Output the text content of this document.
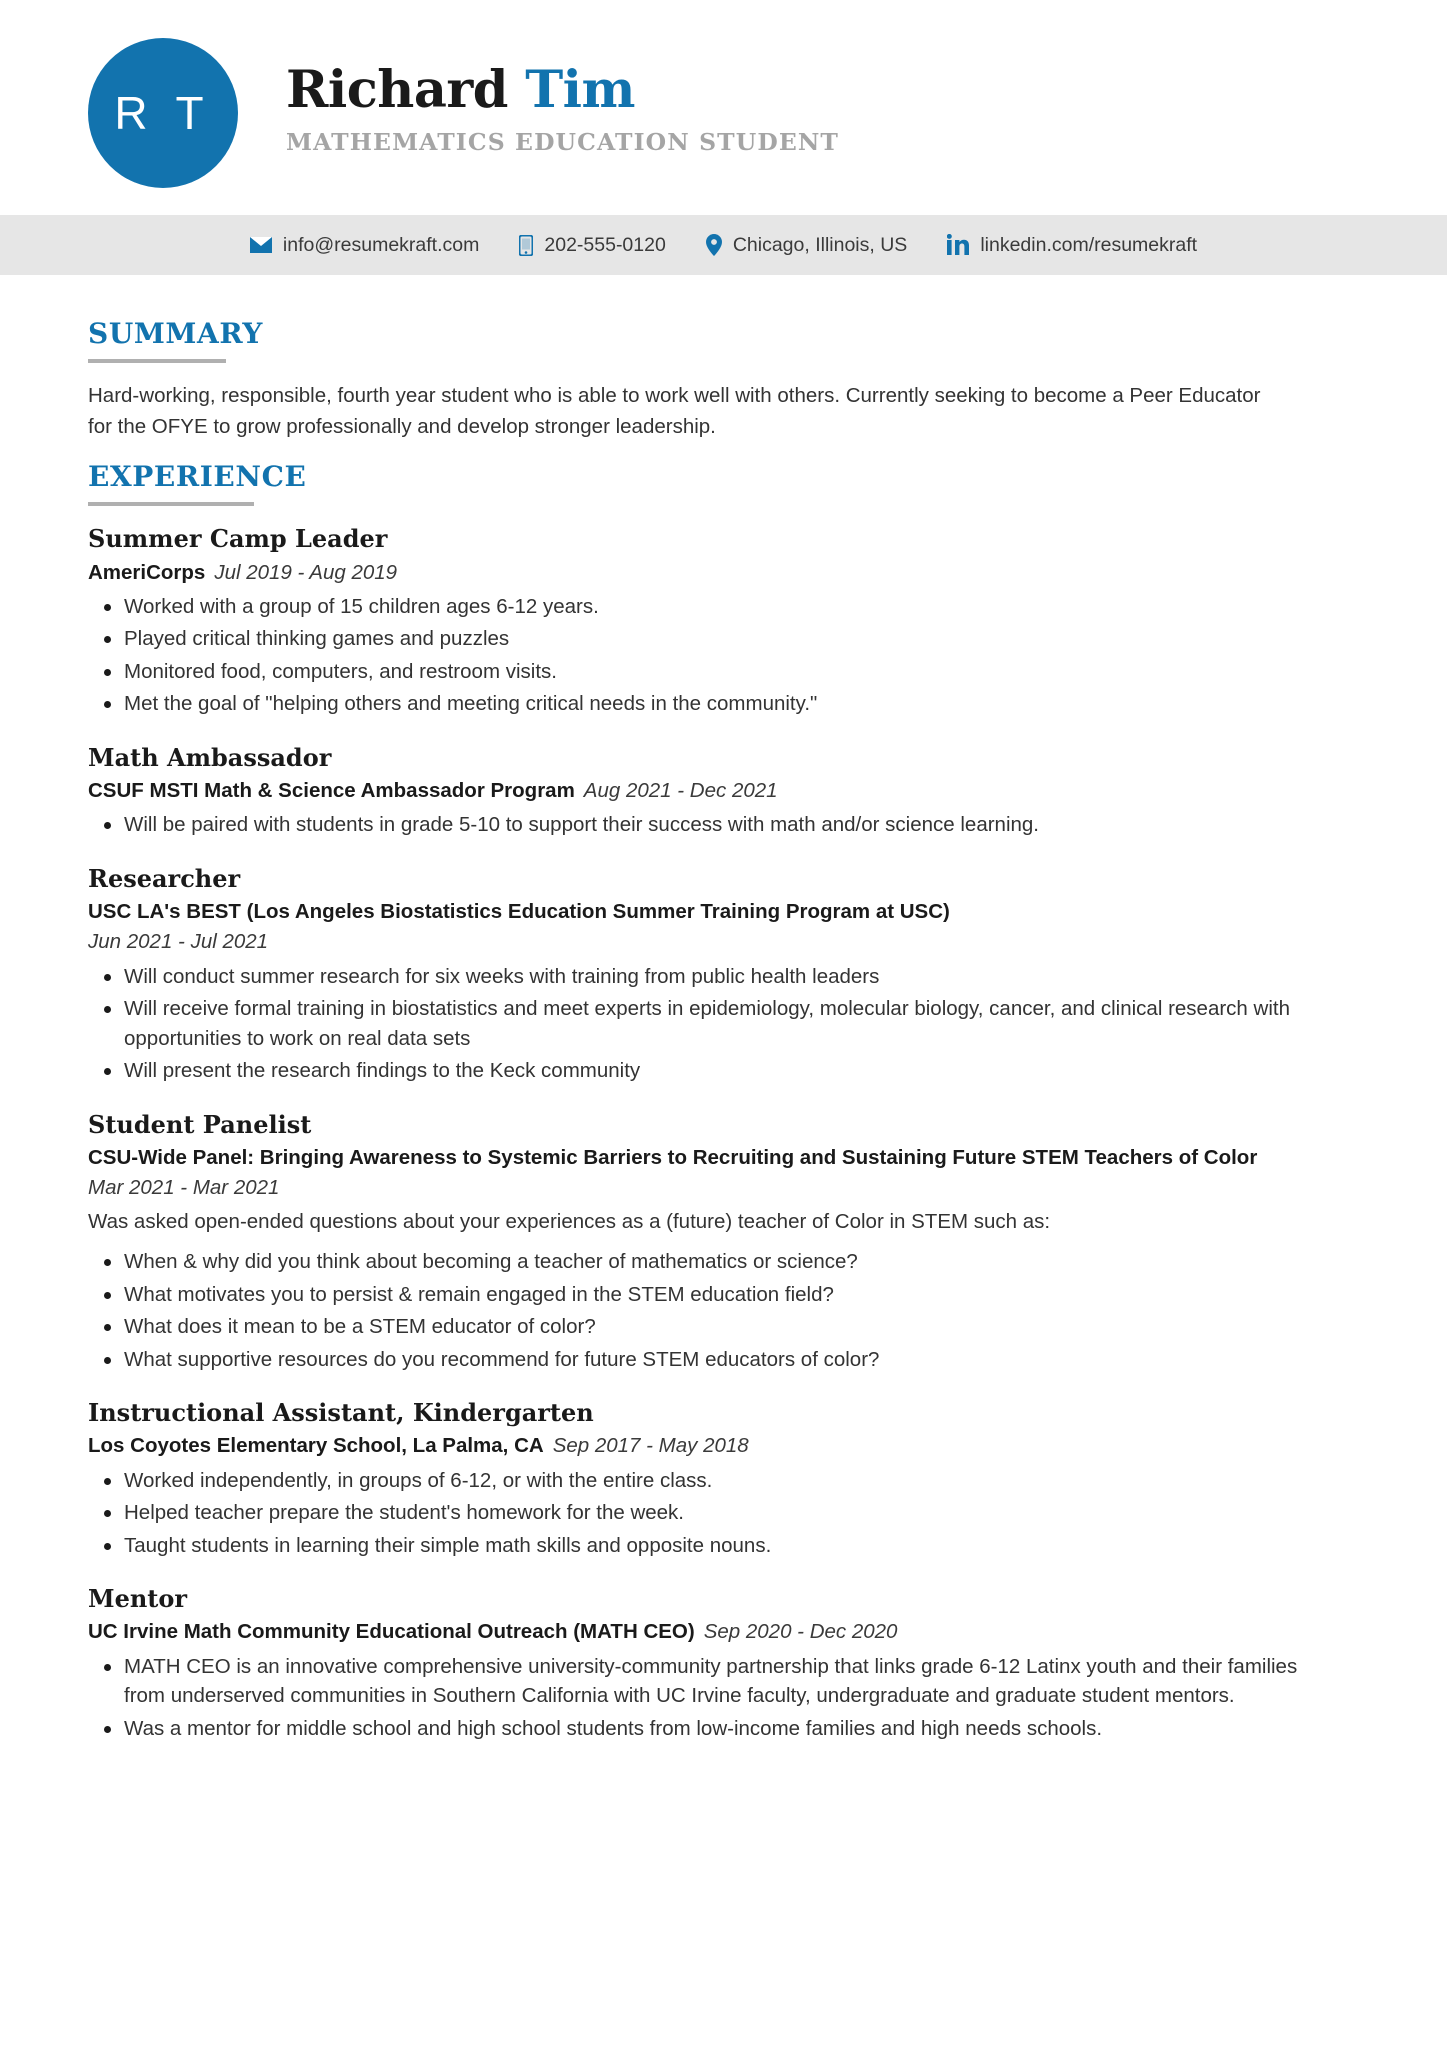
R T Richard Tim
MATHEMATICS EDUCATION STUDENT
info@resumekraft.com	202-555-0120	Chicago, Illinois, US	linkedin.com/resumekraft
SUMMARY

Hard-working, responsible, fourth year student who is able to work well with others. Currently seeking to become a Peer Educator for the OFYE to grow professionally and develop stronger leadership.

EXPERIENCE
Summer Camp Leader
AmeriCorps Jul 2019 - Aug 2019
Worked with a group of 15 children ages 6-12 years.
Played critical thinking games and puzzles
Monitored food, computers, and restroom visits.
Met the goal of "helping others and meeting critical needs in the community."
Math Ambassador
CSUF MSTI Math & Science Ambassador Program Aug 2021 - Dec 2021
Will be paired with students in grade 5-10 to support their success with math and/or science learning.
Researcher
USC LA's BEST (Los Angeles Biostatistics Education Summer Training Program at USC)
Jun 2021 - Jul 2021
Will conduct summer research for six weeks with training from public health leaders
Will receive formal training in biostatistics and meet experts in epidemiology, molecular biology, cancer, and clinical research with opportunities to work on real data sets
Will present the research findings to the Keck community
Student Panelist
CSU-Wide Panel: Bringing Awareness to Systemic Barriers to Recruiting and Sustaining Future STEM Teachers of Color
Mar 2021 - Mar 2021
Was asked open-ended questions about your experiences as a (future) teacher of Color in STEM such as:
When & why did you think about becoming a teacher of mathematics or science?
What motivates you to persist & remain engaged in the STEM education field?
What does it mean to be a STEM educator of color?
What supportive resources do you recommend for future STEM educators of color?
Instructional Assistant, Kindergarten
Los Coyotes Elementary School, La Palma, CA Sep 2017 - May 2018
Worked independently, in groups of 6-12, or with the entire class.
Helped teacher prepare the student's homework for the week.
Taught students in learning their simple math skills and opposite nouns.
Mentor
UC Irvine Math Community Educational Outreach (MATH CEO) Sep 2020 - Dec 2020
MATH CEO is an innovative comprehensive university-community partnership that links grade 6-12 Latinx youth and their families from underserved communities in Southern California with UC Irvine faculty, undergraduate and graduate student mentors.
Was a mentor for middle school and high school students from low-income families and high needs schools.
